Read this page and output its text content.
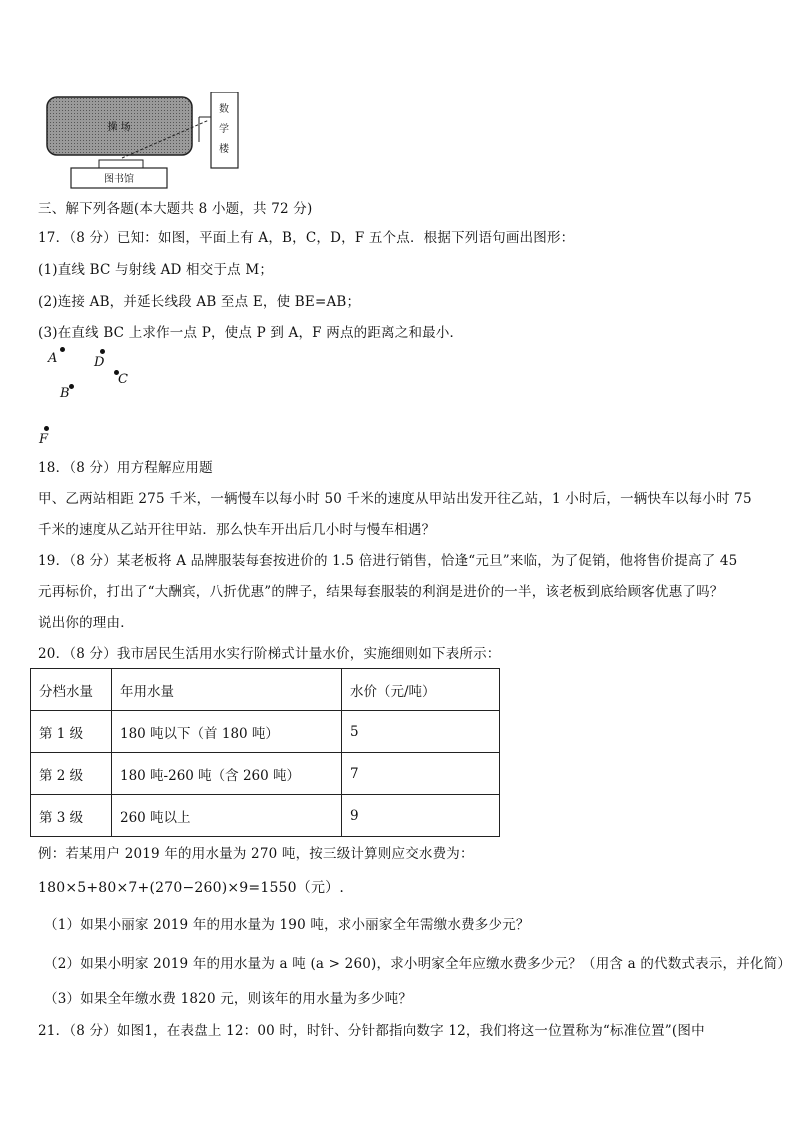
操 场
数
学
楼
图书馆
三、解下列各题(本大题共 8 小题，共 72 分)
17．（8 分）已知：如图，平面上有 A，B，C，D，F 五个点．根据下列语句画出图形：
(1)直线 BC 与射线 AD 相交于点 M；
(2)连接 AB，并延长线段 AB 至点 E，使 BE=AB；
(3)在直线 BC 上求作一点 P，使点 P 到 A，F 两点的距离之和最小．
A	D
C
B
F
18．（8 分）用方程解应用题
甲、乙两站相距 275 千米，一辆慢车以每小时 50 千米的速度从甲站出发开往乙站，1 小时后，一辆快车以每小时 75
千米的速度从乙站开往甲站．那么快车开出后几小时与慢车相遇？
19．（8 分）某老板将 A 品牌服装每套按进价的 1.5 倍进行销售，恰逢“元旦”来临，为了促销，他将售价提高了 45
元再标价，打出了“大酬宾，八折优惠”的牌子，结果每套服装的利润是进价的一半，该老板到底给顾客优惠了吗？
说出你的理由．
20．（8 分）我市居民生活用水实行阶梯式计量水价，实施细则如下表所示：
分档水量	年用水量	水价（元/吨）
第 1 级	180 吨以下（首 180 吨）	5
第 2 级	180 吨-260 吨（含 260 吨）	7
第 3 级	260 吨以上	9
例：若某用户 2019 年的用水量为 270 吨，按三级计算则应交水费为：
180×5+80×7+(270−260)×9=1550（元）.
（1）如果小丽家 2019 年的用水量为 190 吨，求小丽家全年需缴水费多少元？
（2）如果小明家 2019 年的用水量为 a 吨 (a > 260)，求小明家全年应缴水费多少元？（用含 a 的代数式表示，并化简）
（3）如果全年缴水费 1820 元，则该年的用水量为多少吨？
21．（8 分）如图1，在表盘上 12：00 时，时针、分针都指向数字 12，我们将这一位置称为“标准位置”(图中
